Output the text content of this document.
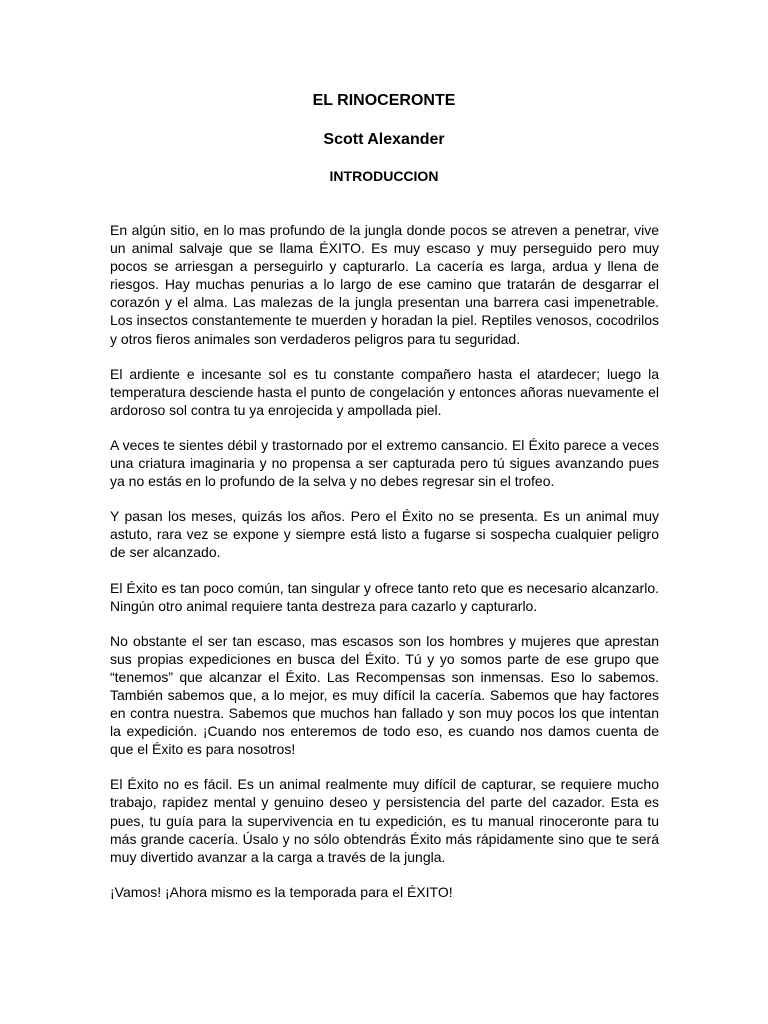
EL RINOCERONTE
Scott Alexander
INTRODUCCION

En algún sitio, en lo mas profundo de la jungla donde pocos se atreven a penetrar, vive un animal salvaje que se llama ÉXITO. Es muy escaso y muy perseguido pero muy pocos se arriesgan a perseguirlo y capturarlo. La cacería es larga, ardua y llena de riesgos. Hay muchas penurias a lo largo de ese camino que tratarán de desgarrar el corazón y el alma. Las malezas de la jungla presentan una barrera casi impenetrable. Los insectos constantemente te muerden y horadan la piel. Reptiles venosos, cocodrilos y otros fieros animales son verdaderos peligros para tu seguridad.

El ardiente e incesante sol es tu constante compañero hasta el atardecer; luego la temperatura desciende hasta el punto de congelación y entonces añoras nuevamente el ardoroso sol contra tu ya enrojecida y ampollada piel.

A veces te sientes débil y trastornado por el extremo cansancio. El Éxito parece a veces una criatura imaginaria y no propensa a ser capturada pero tú sigues avanzando pues ya no estás en lo profundo de la selva y no debes regresar sin el trofeo.

Y pasan los meses, quizás los años. Pero el Éxito no se presenta. Es un animal muy astuto, rara vez se expone y siempre está listo a fugarse si sospecha cualquier peligro de ser alcanzado.

El Éxito es tan poco común, tan singular y ofrece tanto reto que es necesario alcanzarlo. Ningún otro animal requiere tanta destreza para cazarlo y capturarlo.

No obstante el ser tan escaso, mas escasos son los hombres y mujeres que aprestan sus propias expediciones en busca del Éxito. Tú y yo somos parte de ese grupo que “tenemos” que alcanzar el Éxito. Las Recompensas son inmensas. Eso lo sabemos. También sabemos que, a lo mejor, es muy difícil la cacería. Sabemos que hay factores en contra nuestra. Sabemos que muchos han fallado y son muy pocos los que intentan la expedición. ¡Cuando nos enteremos de todo eso, es cuando nos damos cuenta de que el Éxito es para nosotros!

El Éxito no es fácil. Es un animal realmente muy difícil de capturar, se requiere mucho trabajo, rapidez mental y genuino deseo y persistencia del parte del cazador. Esta es pues, tu guía para la supervivencia en tu expedición, es tu manual rinoceronte para tu más grande cacería. Úsalo y no sólo obtendrás Éxito más rápidamente sino que te será muy divertido avanzar a la carga a través de la jungla.

¡Vamos! ¡Ahora mismo es la temporada para el ÉXITO!
